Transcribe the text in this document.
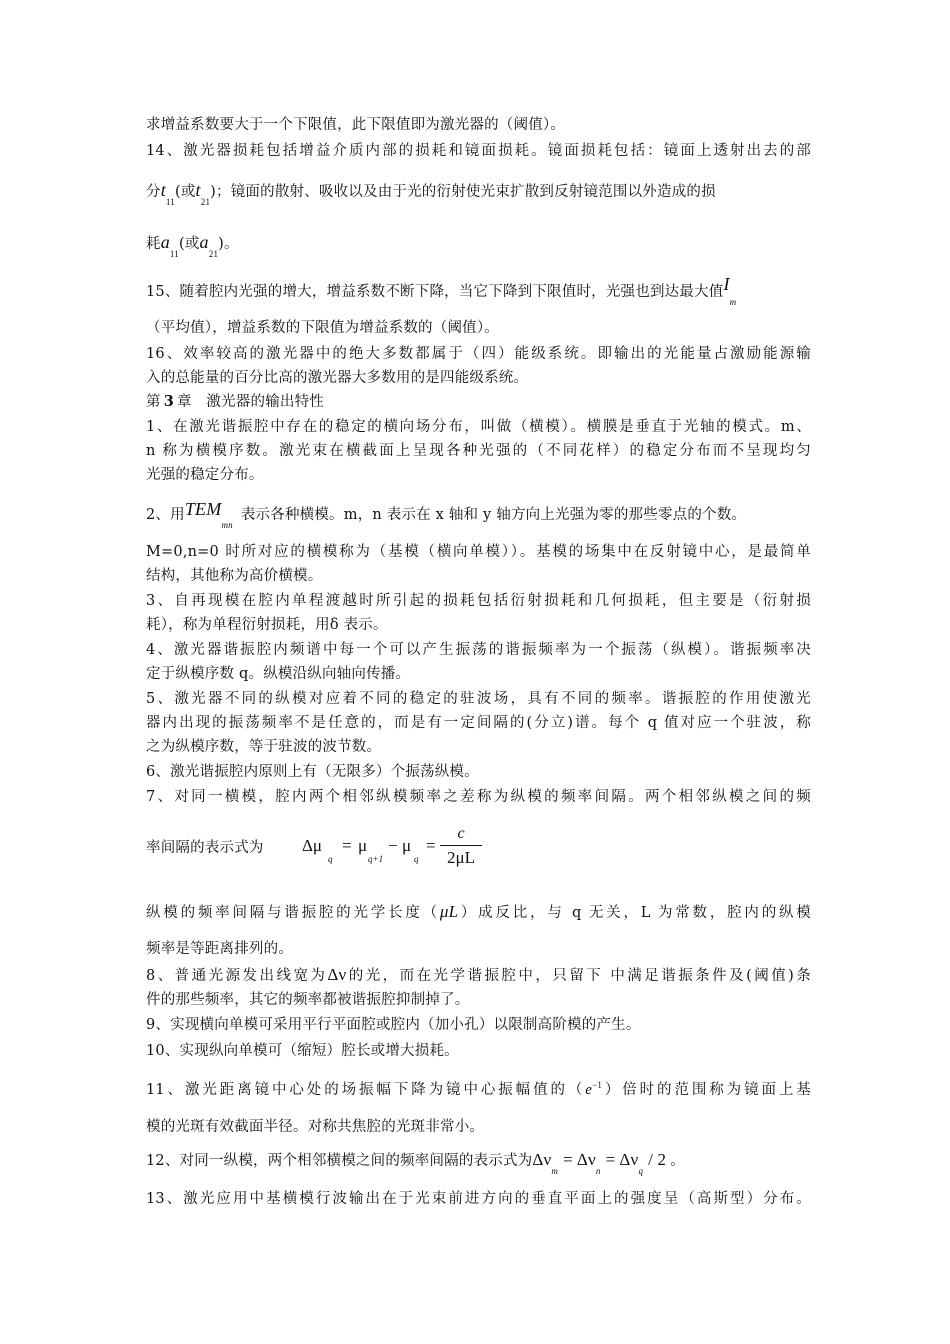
求增益系数要大于一个下限值，此下限值即为激光器的（阈值）。
14、激光器损耗包括增益介质内部的损耗和镜面损耗。镜面损耗包括：镜面上透射出去的部
分$t_{11}$(或$t_{21}$)；镜面的散射、吸收以及由于光的衍射使光束扩散到反射镜范围以外造成的损
耗$a_{11}$(或$a_{21}$)。
15、随着腔内光强的增大，增益系数不断下降，当它下降到下限值时，光强也到达最大值$I_m$
（平均值），增益系数的下限值为增益系数的（阈值）。
16、效率较高的激光器中的绝大多数都属于（四）能级系统。即输出的光能量占激励能源输
入的总能量的百分比高的激光器大多数用的是四能级系统。
第 3 章　激光器的输出特性
1、在激光谐振腔中存在的稳定的横向场分布，叫做（横模）。横膜是垂直于光轴的模式。m、
n 称为横模序数。激光束在横截面上呈现各种光强的（不同花样）的稳定分布而不呈现均匀
光强的稳定分布。
2、用$TEM_{mn}$表示各种横模。m，n 表示在 x 轴和 y 轴方向上光强为零的那些零点的个数。
M=0,n=0 时所对应的横模称为（基模（横向单模））。基模的场集中在反射镜中心，是最简单
结构，其他称为高价横模。
3、自再现模在腔内单程渡越时所引起的损耗包括衍射损耗和几何损耗，但主要是（衍射损
耗），称为单程衍射损耗，用δ 表示。
4、激光器谐振腔内频谱中每一个可以产生振荡的谐振频率为一个振荡（纵模）。谐振频率决
定于纵模序数 q。纵模沿纵向轴向传播。
5、激光器不同的纵模对应着不同的稳定的驻波场，具有不同的频率。谐振腔的作用使激光
器内出现的振荡频率不是任意的，而是有一定间隔的(分立)谱。每个 q 值对应一个驻波，称
之为纵模序数，等于驻波的波节数。
6、激光谐振腔内原则上有（无限多）个振荡纵模。
7、对同一横模，腔内两个相邻纵模频率之差称为纵模的频率间隔。两个相邻纵模之间的频
率间隔的表示式为	Δμ
q
= μ
q+1
− μ
q
=
c
2μL
纵模的频率间隔与谐振腔的光学长度（μL）成反比，与 q 无关，L 为常数，腔内的纵模
频率是等距离排列的。
8、普通光源发出线宽为Δν的光，而在光学谐振腔中，只留下 中满足谐振条件及(阈值)条
件的那些频率，其它的频率都被谐振腔抑制掉了。
9、实现横向单模可采用平行平面腔或腔内（加小孔）以限制高阶模的产生。
10、实现纵向单模可（缩短）腔长或增大损耗。
11、激光距离镜中心处的场振幅下降为镜中心振幅值的$(e^{-1})$倍时的范围称为镜面上基
模的光斑有效截面半径。对称共焦腔的光斑非常小。
12、对同一纵模，两个相邻横模之间的频率间隔的表示式为$\Delta\nu_m= \Delta\nu_n= \Delta\nu_q/$ 2 。
13、激光应用中基横模行波输出在于光束前进方向的垂直平面上的强度呈（高斯型）分布。
